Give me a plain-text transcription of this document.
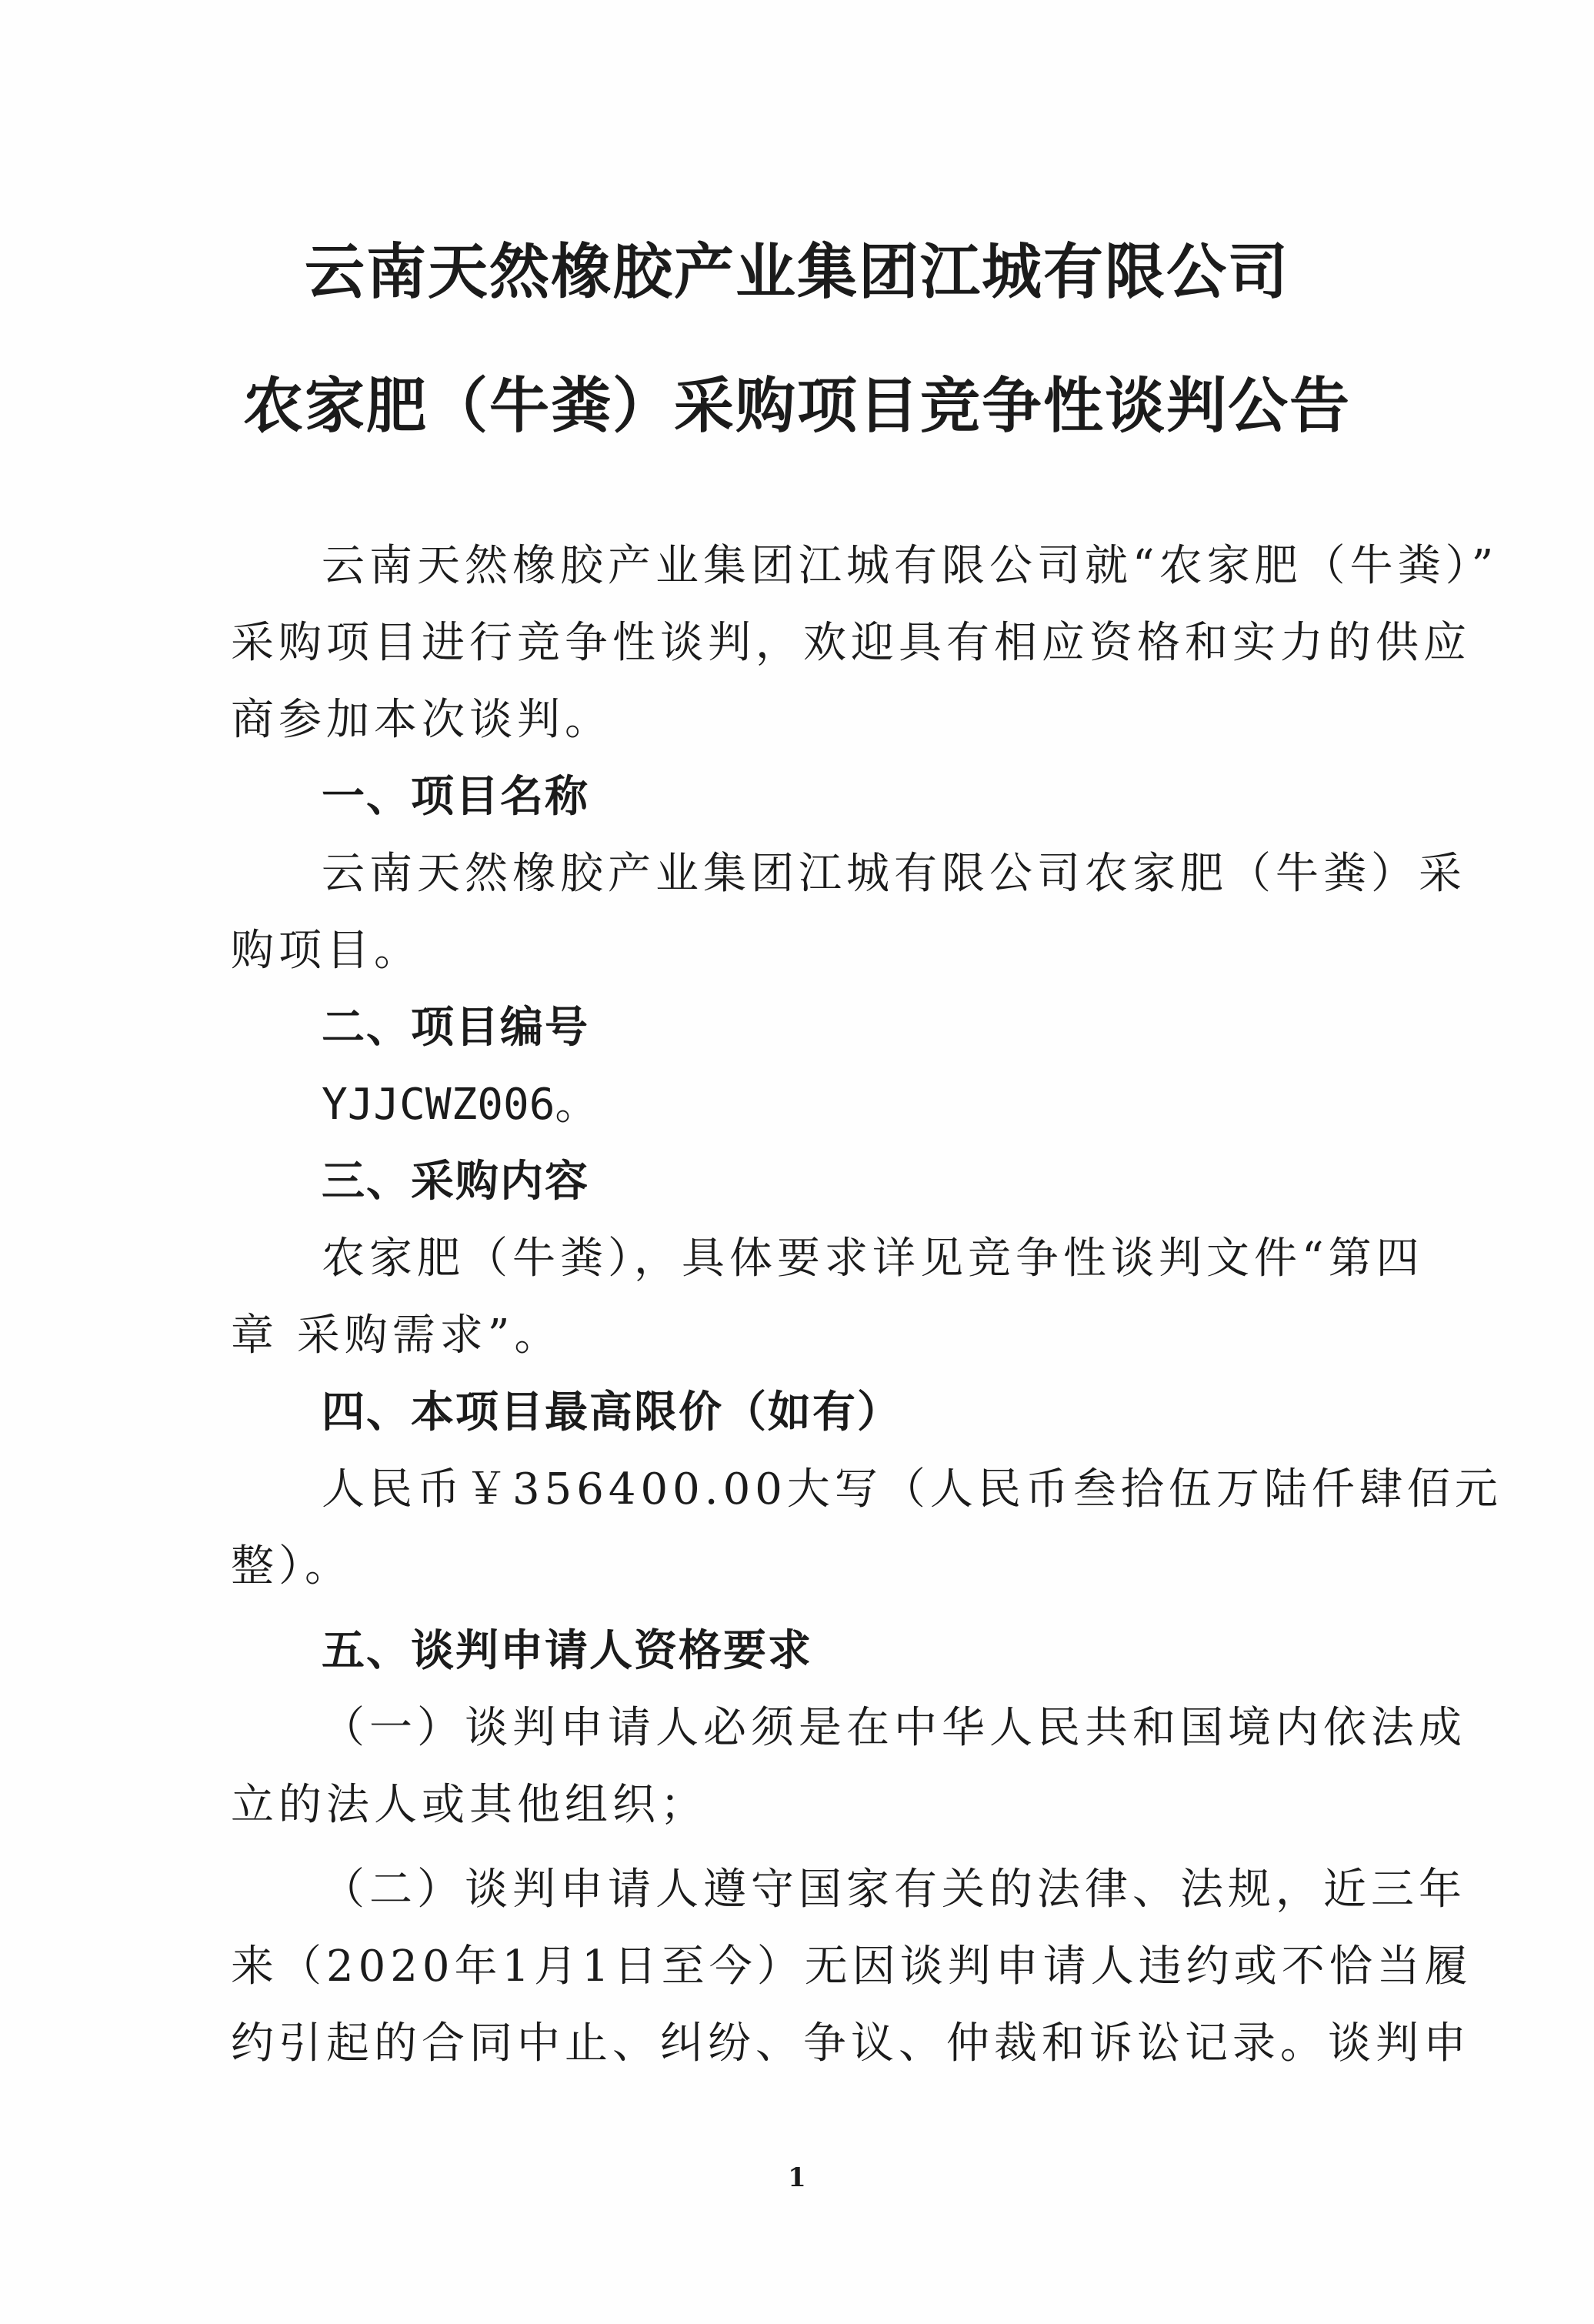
云南天然橡胶产业集团江城有限公司
农家肥（牛粪）采购项目竞争性谈判公告
云南天然橡胶产业集团江城有限公司就“农家肥（牛粪）”
采购项目进行竞争性谈判，欢迎具有相应资格和实力的供应
商参加本次谈判。
一、项目名称
云南天然橡胶产业集团江城有限公司农家肥（牛粪）采
购项目。
二、项目编号
YJJCWZ006。
三、采购内容
农家肥（牛粪），具体要求详见竞争性谈判文件“第四
章 采购需求”。
四、本项目最高限价（如有）
人民币￥356400.00大写（人民币叁拾伍万陆仟肆佰元
整）。
五、谈判申请人资格要求
（一）谈判申请人必须是在中华人民共和国境内依法成
立的法人或其他组织；
（二）谈判申请人遵守国家有关的法律、法规，近三年
来（2020年1月1日至今）无因谈判申请人违约或不恰当履
约引起的合同中止、纠纷、争议、仲裁和诉讼记录。谈判申
1
